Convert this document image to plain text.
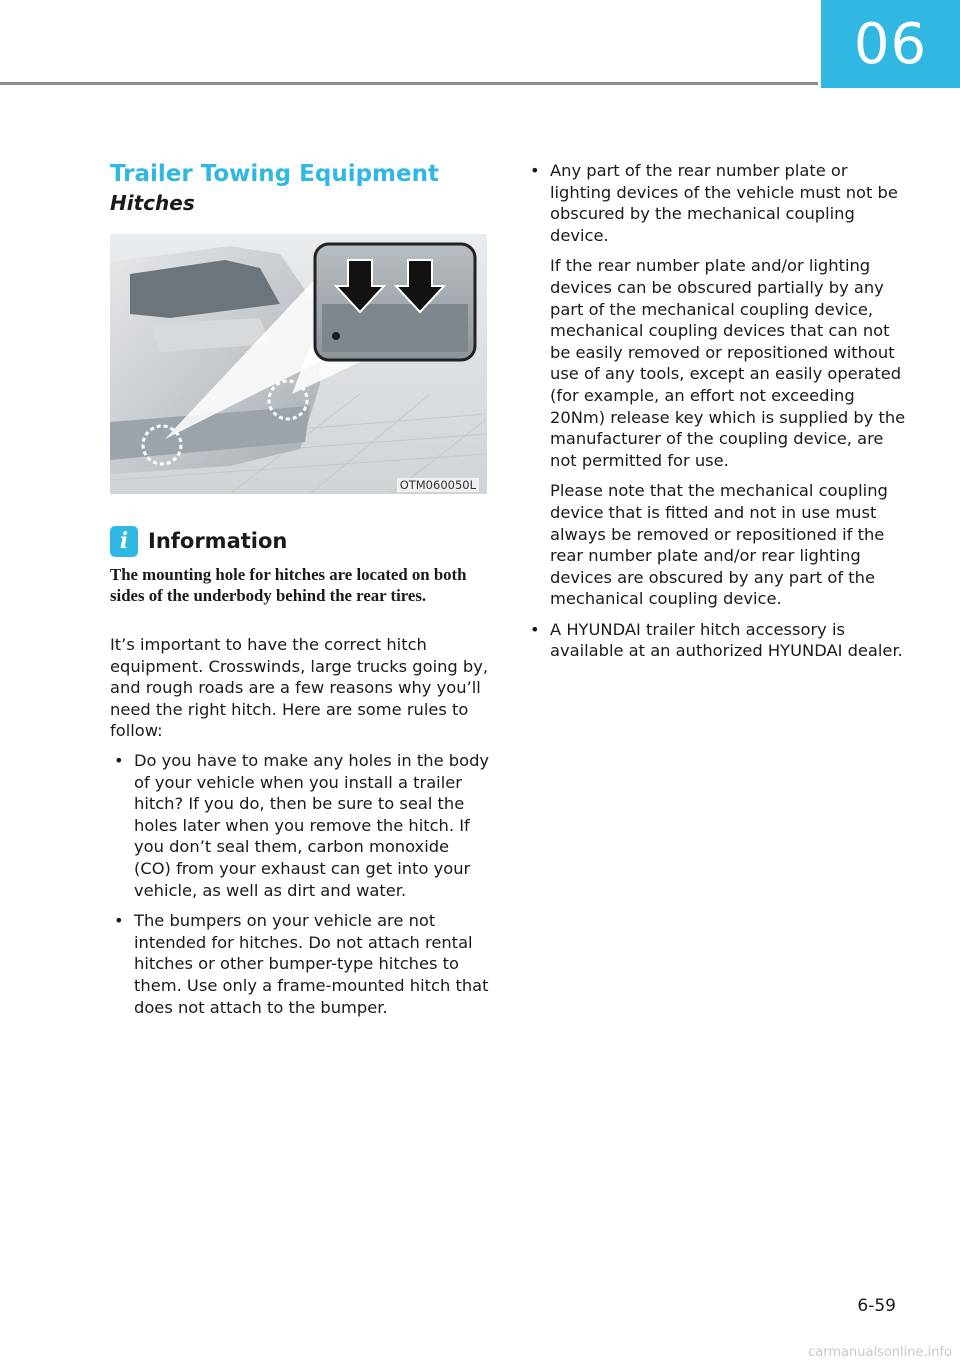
06
Trailer Towing Equipment
Hitches
OTM060050L
i Information

The mounting hole for hitches are located on both sides of the underbody behind the rear tires.

It’s important to have the correct hitch equipment. Crosswinds, large trucks going by, and rough roads are a few reasons why you’ll need the right hitch. Here are some rules to follow:

• Do you have to make any holes in the body of your vehicle when you install a trailer hitch? If you do, then be sure to seal the holes later when you remove the hitch. If you don’t seal them, carbon monoxide (CO) from your exhaust can get into your vehicle, as well as dirt and water.
• The bumpers on your vehicle are not intended for hitches. Do not attach rental hitches or other bumper-type hitches to them. Use only a frame-mounted hitch that does not attach to the bumper.
• Any part of the rear number plate or lighting devices of the vehicle must not be obscured by the mechanical coupling device.
If the rear number plate and/or lighting devices can be obscured partially by any part of the mechanical coupling device, mechanical coupling devices that can not be easily removed or repositioned without use of any tools, except an easily operated (for example, an effort not exceeding 20Nm) release key which is supplied by the manufacturer of the coupling device, are not permitted for use.
Please note that the mechanical coupling device that is fitted and not in use must always be removed or repositioned if the rear number plate and/or rear lighting devices are obscured by any part of the mechanical coupling device.
• A HYUNDAI trailer hitch accessory is available at an authorized HYUNDAI dealer.
6-59
carmanualsonline.info
